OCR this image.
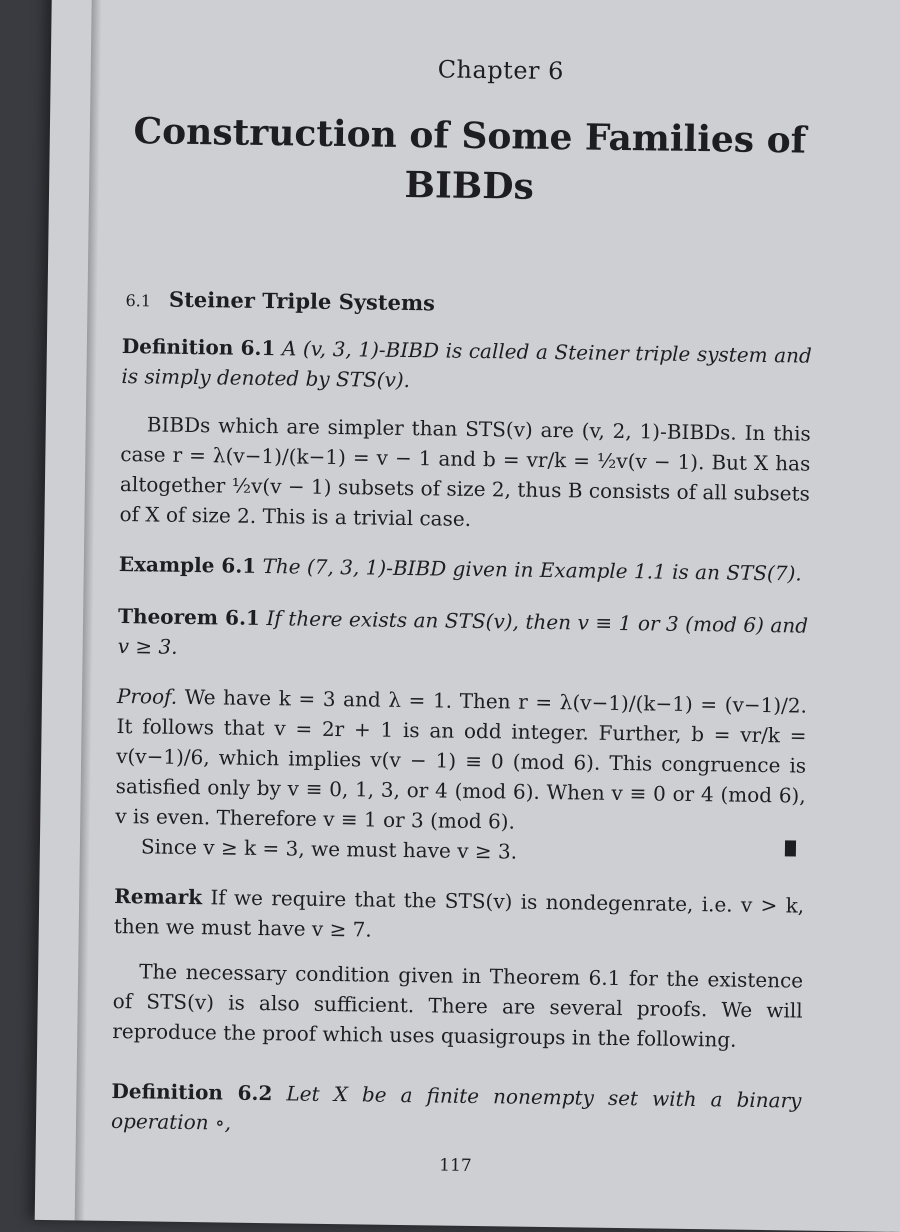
Chapter 6
Construction of Some Families of
BIBDs
6.1 Steiner Triple Systems
Definition 6.1 A (v, 3, 1)-BIBD is called a Steiner triple system and is simply denoted by STS(v).
BIBDs which are simpler than STS(v) are (v, 2, 1)-BIBDs. In this case r = λ(v−1)/(k−1) = v − 1 and b = vr/k = ½v(v − 1). But X has altogether ½v(v − 1) subsets of size 2, thus B consists of all subsets of X of size 2. This is a trivial case.
Example 6.1 The (7, 3, 1)-BIBD given in Example 1.1 is an STS(7).
Theorem 6.1 If there exists an STS(v), then v ≡ 1 or 3 (mod 6) and v ≥ 3.
Proof. We have k = 3 and λ = 1. Then r = λ(v−1)/(k−1) = (v−1)/2. It follows that v = 2r + 1 is an odd integer. Further, b = vr/k = v(v−1)/6, which implies v(v − 1) ≡ 0 (mod 6). This congruence is satisfied only by v ≡ 0, 1, 3, or 4 (mod 6). When v ≡ 0 or 4 (mod 6), v is even. Therefore v ≡ 1 or 3 (mod 6).
Since v ≥ k = 3, we must have v ≥ 3.
Remark If we require that the STS(v) is nondegenrate, i.e. v > k, then we must have v ≥ 7.
The necessary condition given in Theorem 6.1 for the existence of STS(v) is also sufficient. There are several proofs. We will reproduce the proof which uses quasigroups in the following.
Definition 6.2 Let X be a finite nonempty set with a binary operation ∘,
117
